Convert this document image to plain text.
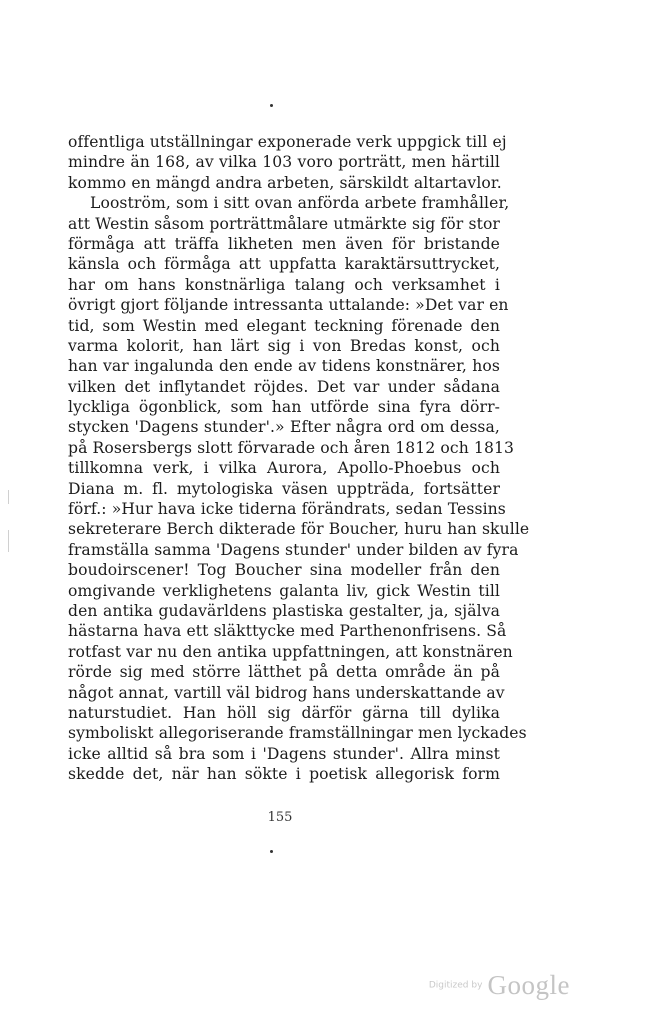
offentliga utställningar exponerade verk uppgick till ej
mindre än 168, av vilka 103 voro porträtt, men härtill
kommo en mängd andra arbeten, särskildt altartavlor.
Looström, som i sitt ovan anförda arbete framhåller,
att Westin såsom porträttmålare utmärkte sig för stor
förmåga att träffa likheten men även för bristande
känsla och förmåga att uppfatta karaktärsuttrycket,
har om hans konstnärliga talang och verksamhet i
övrigt gjort följande intressanta uttalande: »Det var en
tid, som Westin med elegant teckning förenade den
varma kolorit, han lärt sig i von Bredas konst, och
han var ingalunda den ende av tidens konstnärer, hos
vilken det inflytandet röjdes. Det var under sådana
lyckliga ögonblick, som han utförde sina fyra dörr-
stycken 'Dagens stunder'.» Efter några ord om dessa,
på Rosersbergs slott förvarade och åren 1812 och 1813
tillkomna verk, i vilka Aurora, Apollo-Phoebus och
Diana m. fl. mytologiska väsen uppträda, fortsätter
förf.: »Hur hava icke tiderna förändrats, sedan Tessins
sekreterare Berch dikterade för Boucher, huru han skulle
framställa samma 'Dagens stunder' under bilden av fyra
boudoirscener! Tog Boucher sina modeller från den
omgivande verklighetens galanta liv, gick Westin till
den antika gudavärldens plastiska gestalter, ja, själva
hästarna hava ett släkttycke med Parthenonfrisens. Så
rotfast var nu den antika uppfattningen, att konstnären
rörde sig med större lätthet på detta område än på
något annat, vartill väl bidrog hans underskattande av
naturstudiet. Han höll sig därför gärna till dylika
symboliskt allegoriserande framställningar men lyckades
icke alltid så bra som i 'Dagens stunder'. Allra minst
skedde det, när han sökte i poetisk allegorisk form
155
Digitized by Google
